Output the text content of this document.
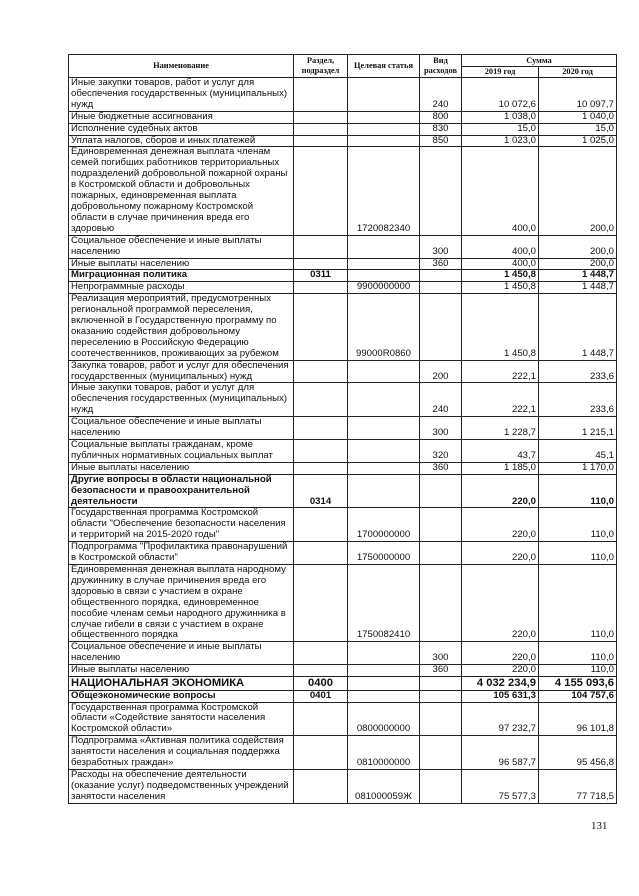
Наименование	Раздел, подраздел	Целевая статья	Вид расходов	Сумма	
				2019 год	2020 год
Иные закупки товаров, работ и услуг для обеспечения государственных (муниципальных) нужд			240	10 072,6	10 097,7
Иные бюджетные ассигнования			800	1 038,0	1 040,0
Исполнение судебных актов			830	15,0	15,0
Уплата налогов, сборов и иных платежей			850	1 023,0	1 025,0
Единовременная денежная выплата членам семей погибших работников территориальных подразделений добровольной пожарной охраны в Костромской области и добровольных пожарных, единовременная выплата добровольному пожарному Костромской области в случае причинения вреда его здоровью		1720082340		400,0	200,0
Социальное обеспечение и иные выплаты населению			300	400,0	200,0
Иные выплаты населению			360	400,0	200,0
Миграционная политика	0311			1 450,8	1 448,7
Непрограммные расходы		9900000000		1 450,8	1 448,7
Реализация мероприятий, предусмотренных региональной программой переселения, включенной в Государственную программу по оказанию содействия добровольному переселению в Российскую Федерацию соотечественников, проживающих за рубежом		99000R0860		1 450,8	1 448,7
Закупка товаров, работ и услуг для обеспечения государственных (муниципальных) нужд			200	222,1	233,6
Иные закупки товаров, работ и услуг для обеспечения государственных (муниципальных) нужд			240	222,1	233,6
Социальное обеспечение и иные выплаты населению			300	1 228,7	1 215,1
Социальные выплаты гражданам, кроме публичных нормативных социальных выплат			320	43,7	45,1
Иные выплаты населению			360	1 185,0	1 170,0
Другие вопросы в области национальной безопасности и правоохранительной деятельности	0314			220,0	110,0
Государственная программа Костромской области "Обеспечение безопасности населения и территорий на 2015-2020 годы"		1700000000		220,0	110,0
Подпрограмма "Профилактика правонарушений в Костромской области"		1750000000		220,0	110,0
Единовременная денежная выплата народному дружиннику в случае причинения вреда его здоровью в связи с участием в охране общественного порядка, единовременное пособие членам семьи народного дружинника в случае гибели в связи с участием в охране общественного порядка		1750082410		220,0	110,0
Социальное обеспечение и иные выплаты населению			300	220,0	110,0
Иные выплаты населению			360	220,0	110,0
НАЦИОНАЛЬНАЯ ЭКОНОМИКА	0400			4 032 234,9	4 155 093,6
Общеэкономические вопросы	0401			105 631,3	104 757,6
Государственная программа Костромской области «Содействие занятости населения Костромской области»		0800000000		97 232,7	96 101,8
Подпрограмма «Активная политика содействия занятости населения и социальная поддержка безработных граждан»		0810000000		96 587,7	95 456,8
Расходы на обеспечение деятельности (оказание услуг) подведомственных учреждений занятости населения		081000059Ж		75 577,3	77 718,5
131
